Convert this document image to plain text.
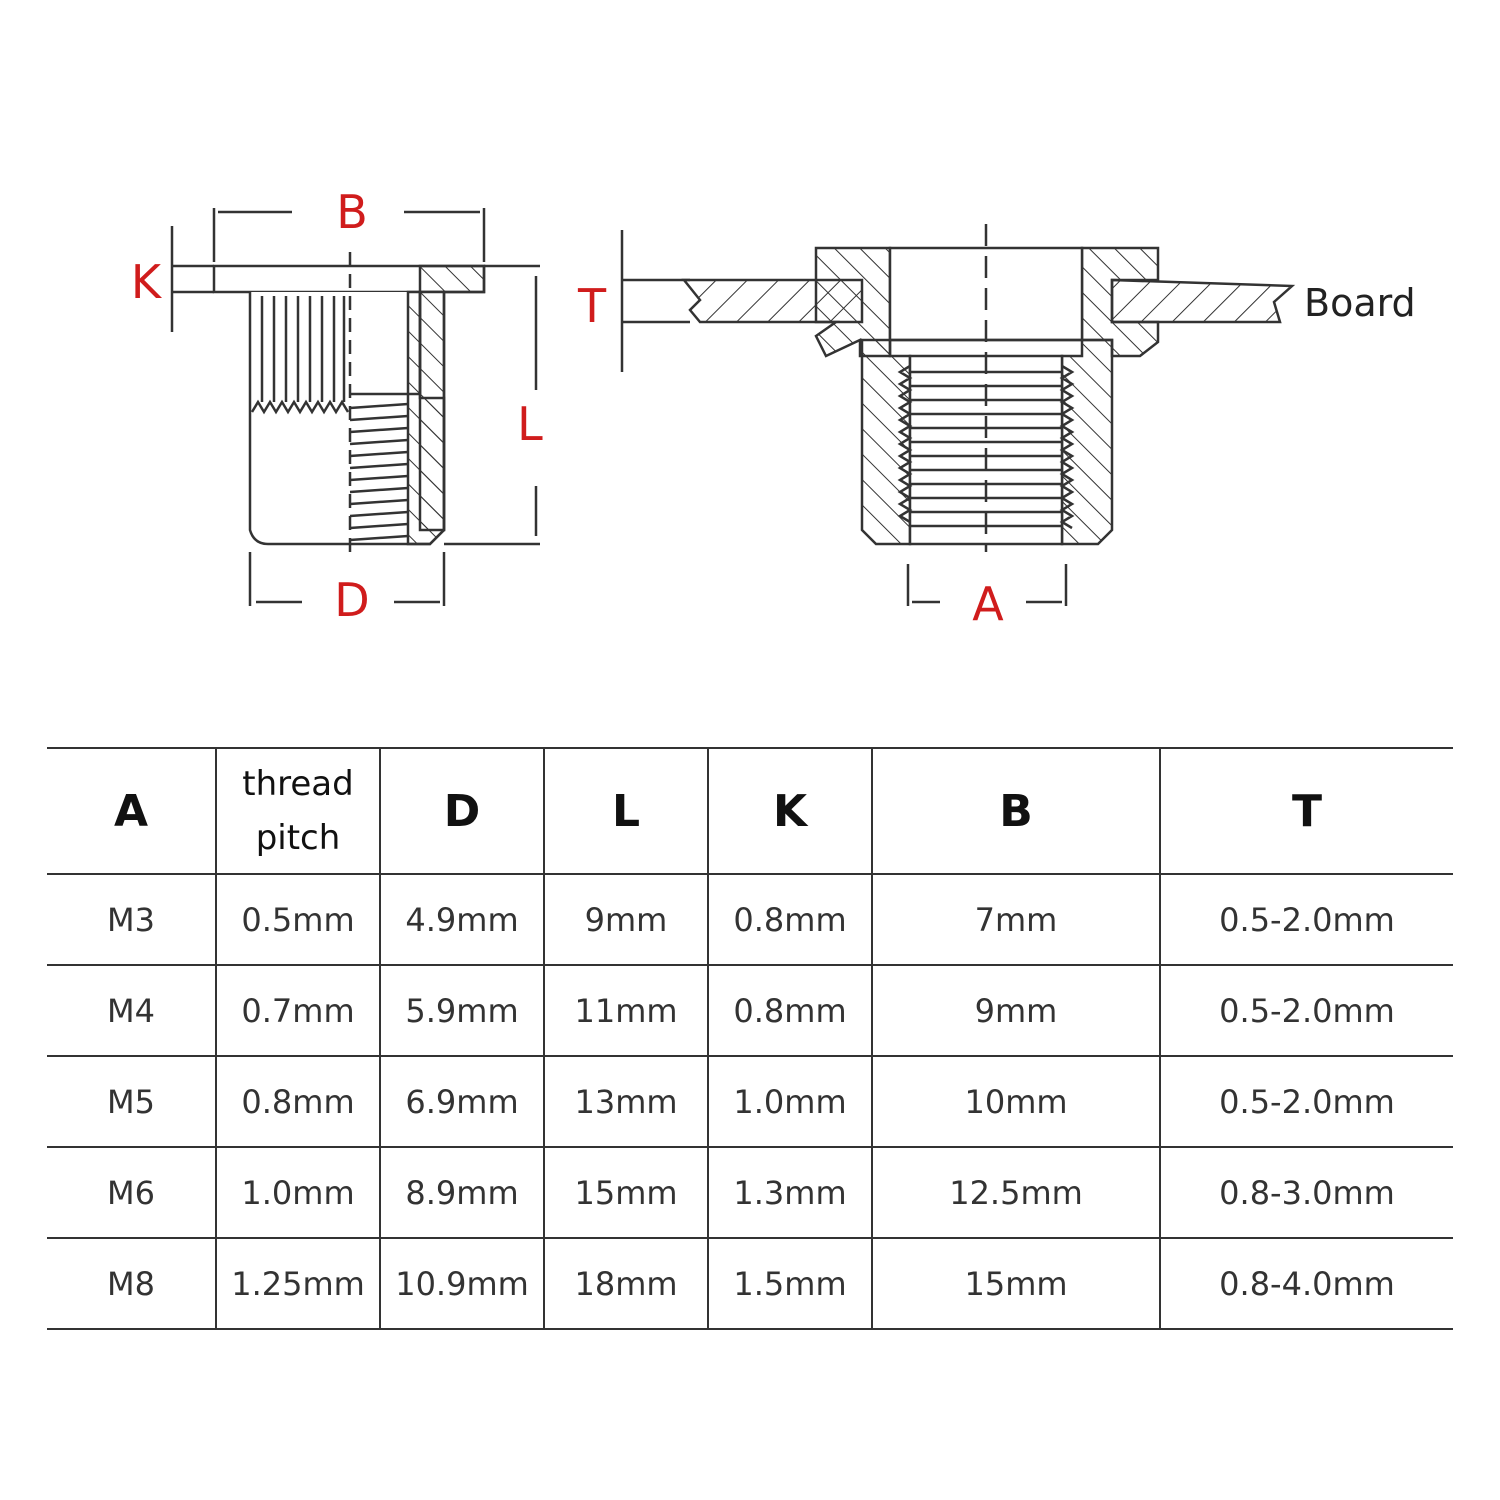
B
K
L
D
T
A
Board
A	thread pitch	D	L	K	B	T
M3	0.5mm	4.9mm	9mm	0.8mm	7mm	0.5-2.0mm
M4	0.7mm	5.9mm	11mm	0.8mm	9mm	0.5-2.0mm
M5	0.8mm	6.9mm	13mm	1.0mm	10mm	0.5-2.0mm
M6	1.0mm	8.9mm	15mm	1.3mm	12.5mm	0.8-3.0mm
M8	1.25mm	10.9mm	18mm	1.5mm	15mm	0.8-4.0mm
